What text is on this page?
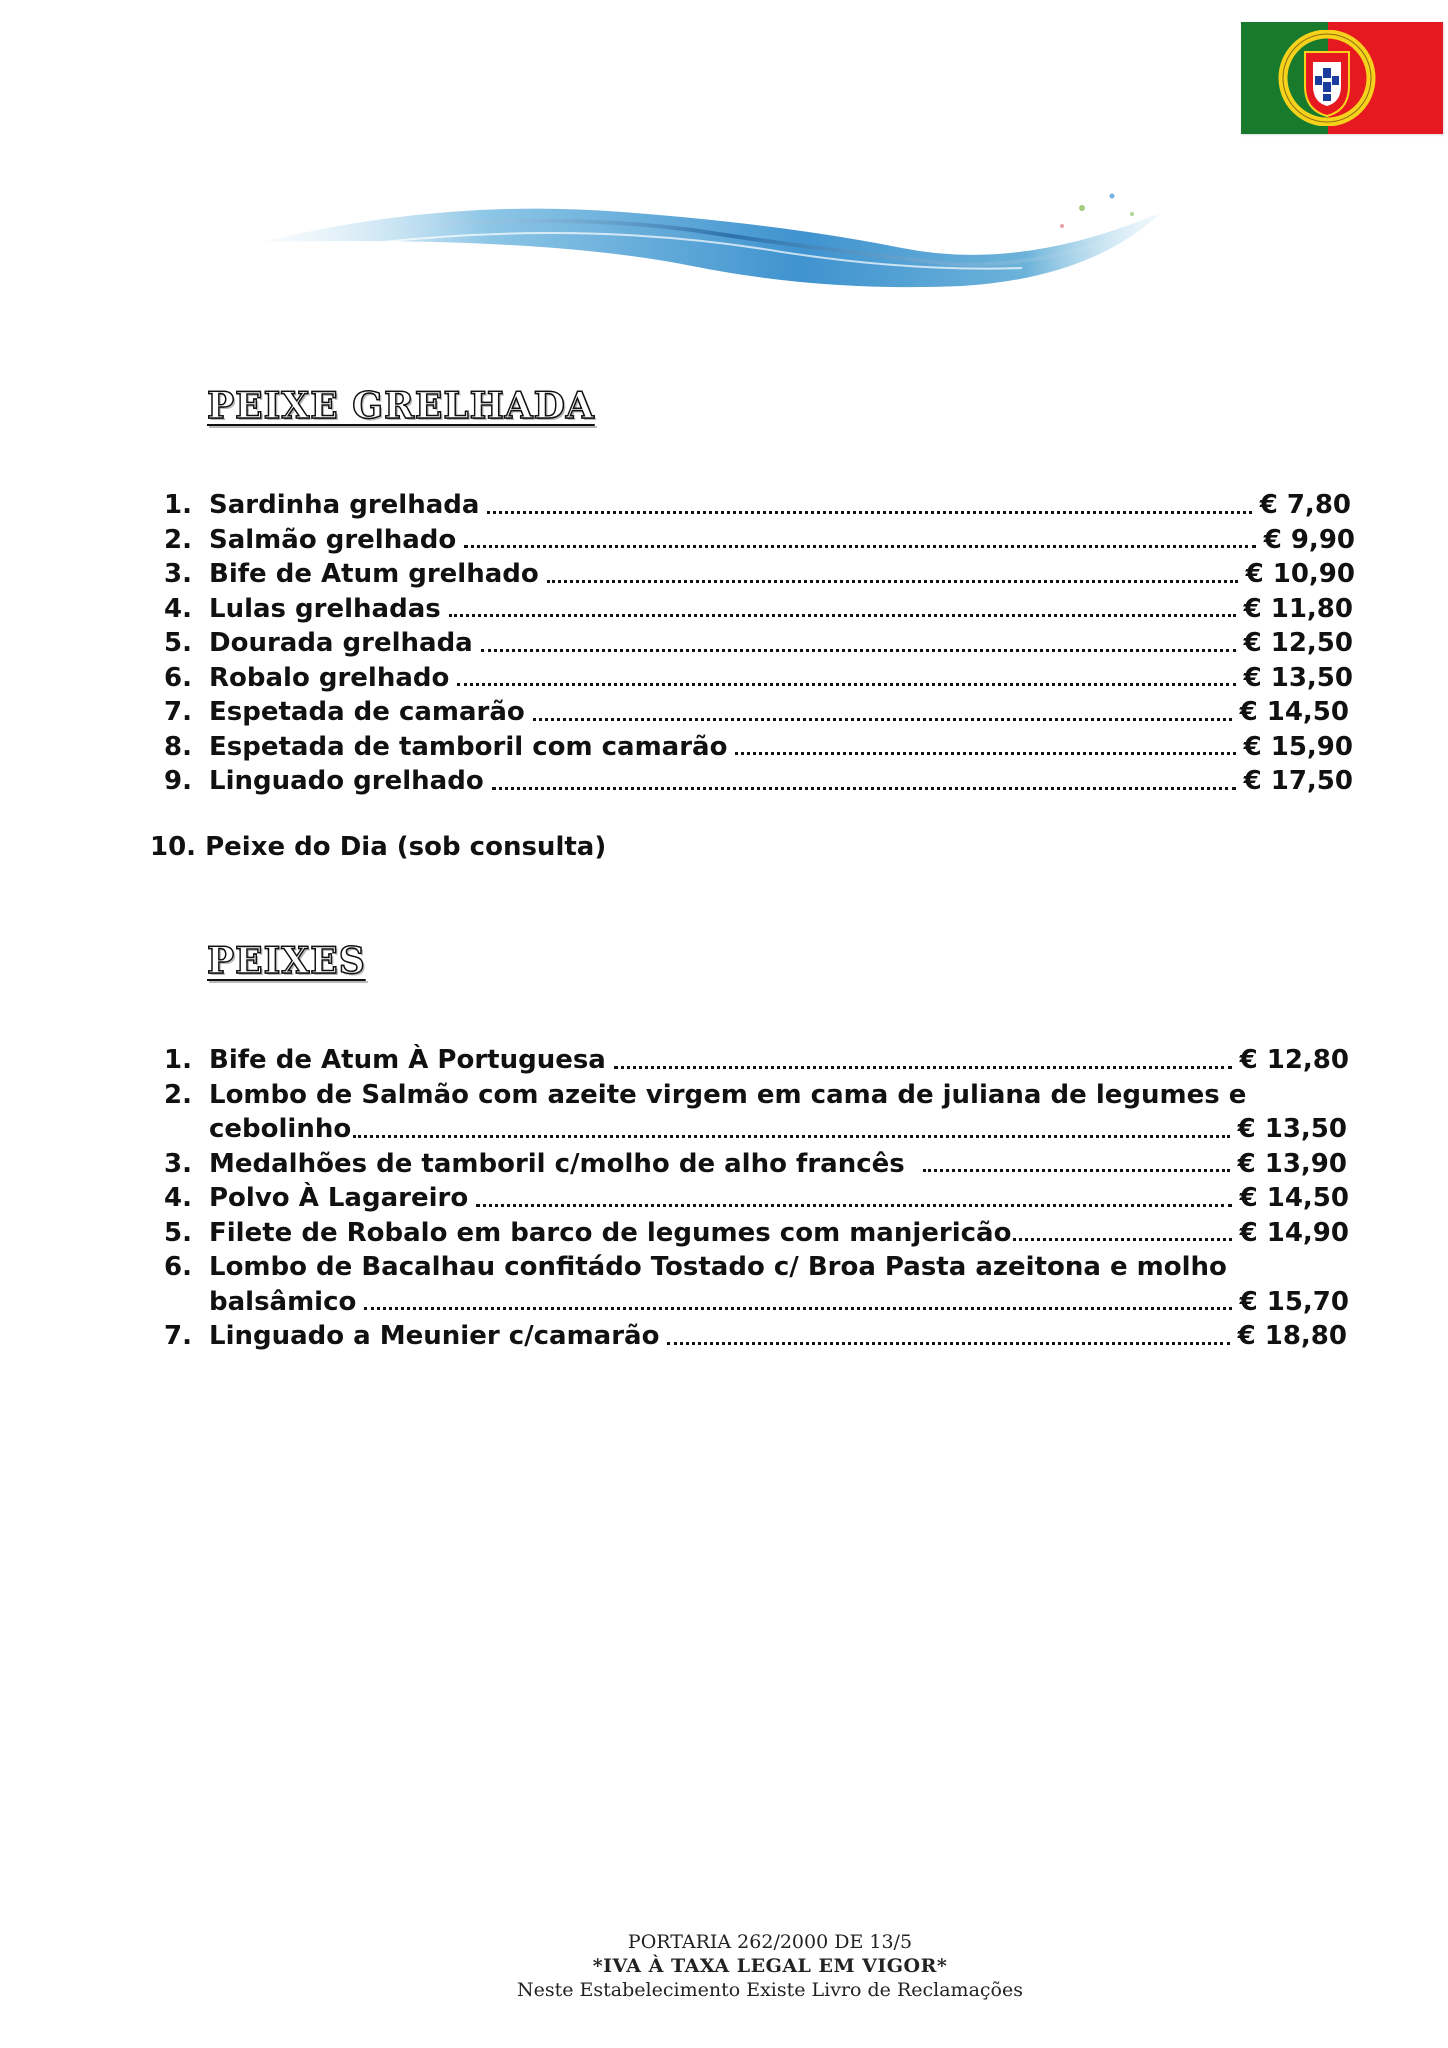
PEIXE GRELHADA
1. Sardinha grelhada	€ 7,80
2. Salmão grelhado	€ 9,90
3. Bife de Atum grelhado	€ 10,90
4. Lulas grelhadas	€ 11,80
5. Dourada grelhada	€ 12,50
6. Robalo grelhado	€ 13,50
7. Espetada de camarão	€ 14,50
8. Espetada de tamboril com camarão	€ 15,90
9. Linguado grelhado	€ 17,50

10. Peixe do Dia (sob consulta)

PEIXES
1. Bife de Atum À Portuguesa	€ 12,80
2. Lombo de Salmão com azeite virgem em cama de juliana de legumes e
cebolinho	€ 13,50
3. Medalhões de tamboril c/molho de alho francês	€ 13,90
4. Polvo À Lagareiro	€ 14,50
5. Filete de Robalo em barco de legumes com manjericão	€ 14,90
6. Lombo de Bacalhau confitádo Tostado c/ Broa Pasta azeitona e molho
balsâmico	€ 15,70
7. Linguado a Meunier c/camarão	€ 18,80
PORTARIA 262/2000 DE 13/5
*IVA À TAXA LEGAL EM VIGOR*
Neste Estabelecimento Existe Livro de Reclamações
